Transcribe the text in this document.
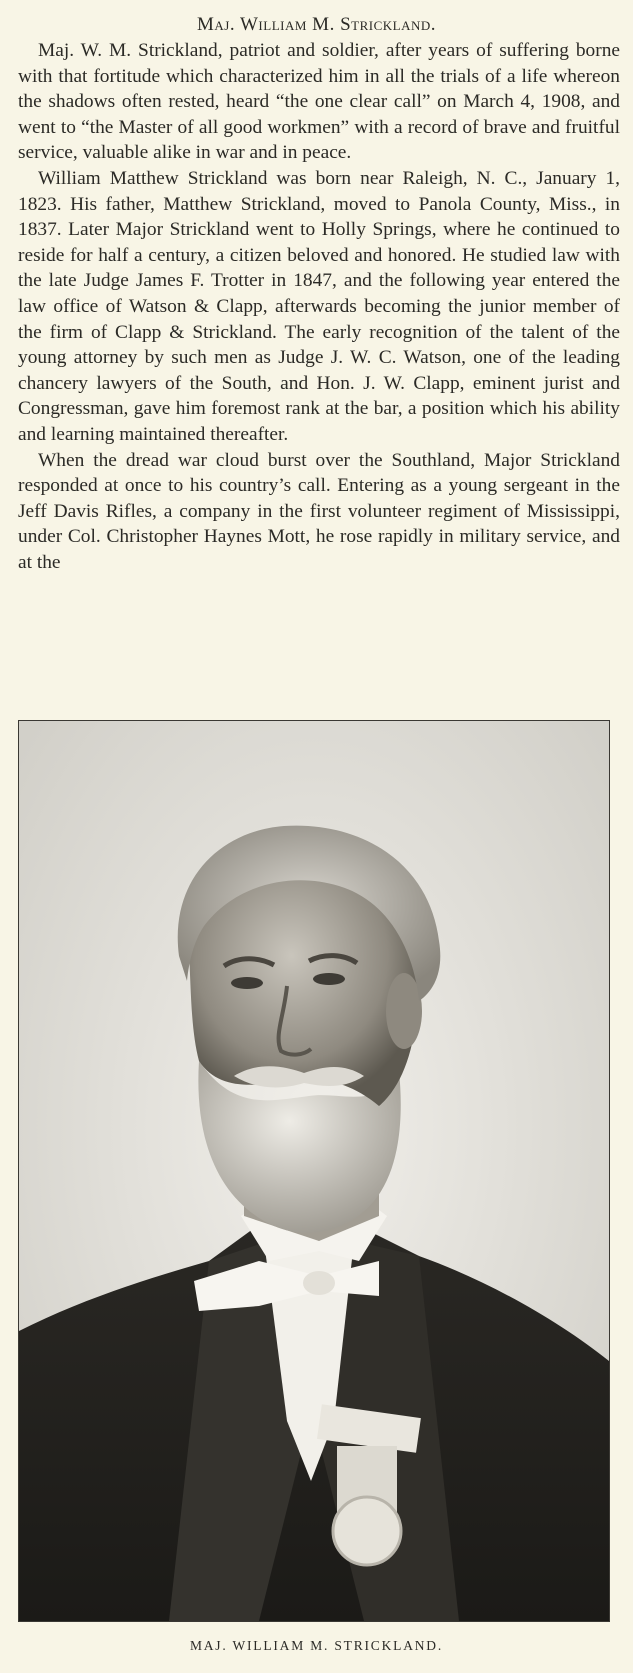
Maj. William M. Strickland.

Maj. W. M. Strickland, patriot and soldier, after years of suffering borne with that fortitude which characterized him in all the trials of a life whereon the shadows often rested, heard “the one clear call” on March 4, 1908, and went to “the Master of all good workmen” with a record of brave and fruitful service, valuable alike in war and in peace.

William Matthew Strickland was born near Raleigh, N. C., January 1, 1823. His father, Matthew Strickland, moved to Panola County, Miss., in 1837. Later Major Strickland went to Holly Springs, where he continued to reside for half a century, a citizen beloved and honored. He studied law with the late Judge James F. Trotter in 1847, and the following year entered the law office of Watson & Clapp, afterwards becoming the junior member of the firm of Clapp & Strickland. The early recognition of the talent of the young attorney by such men as Judge J. W. C. Watson, one of the leading chancery lawyers of the South, and Hon. J. W. Clapp, eminent jurist and Congressman, gave him foremost rank at the bar, a position which his ability and learning maintained thereafter.

When the dread war cloud burst over the Southland, Major Strickland responded at once to his country’s call. Entering as a young sergeant in the Jeff Davis Rifles, a company in the first volunteer regiment of Mississippi, under Col. Christopher Haynes Mott, he rose rapidly in military service, and at the

MAJ. WILLIAM M. STRICKLAND.
